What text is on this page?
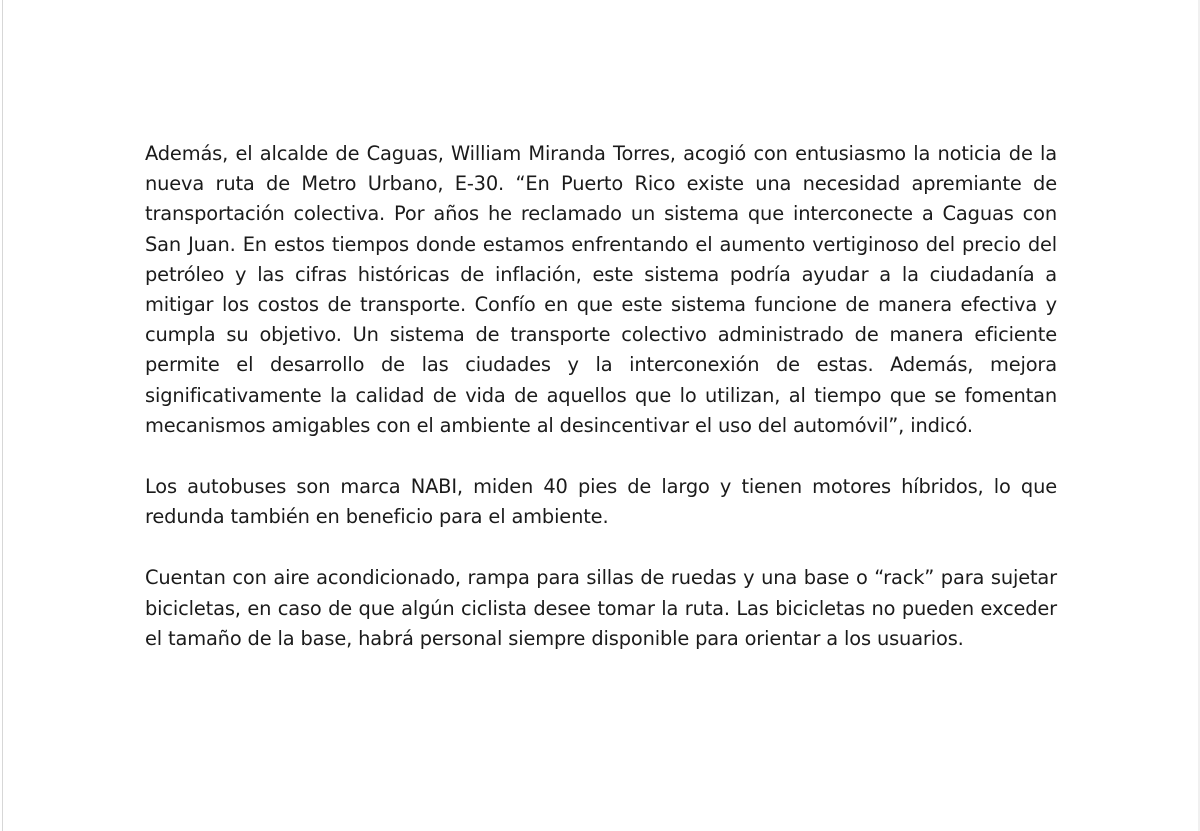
Además, el alcalde de Caguas, William Miranda Torres, acogió con entusiasmo la noticia de la nueva ruta de Metro Urbano, E-30. “En Puerto Rico existe una necesidad apremiante de transportación colectiva. Por años he reclamado un sistema que interconecte a Caguas con San Juan. En estos tiempos donde estamos enfrentando el aumento vertiginoso del precio del petróleo y las cifras históricas de inflación, este sistema podría ayudar a la ciudadanía a mitigar los costos de transporte. Confío en que este sistema funcione de manera efectiva y cumpla su objetivo. Un sistema de transporte colectivo administrado de manera eficiente permite el desarrollo de las ciudades y la interconexión de estas. Además, mejora significativamente la calidad de vida de aquellos que lo utilizan, al tiempo que se fomentan mecanismos amigables con el ambiente al desincentivar el uso del automóvil”, indicó.

Los autobuses son marca NABI, miden 40 pies de largo y tienen motores híbridos, lo que redunda también en beneficio para el ambiente.

Cuentan con aire acondicionado, rampa para sillas de ruedas y una base o “rack” para sujetar bicicletas, en caso de que algún ciclista desee tomar la ruta. Las bicicletas no pueden exceder el tamaño de la base, habrá personal siempre disponible para orientar a los usuarios.
